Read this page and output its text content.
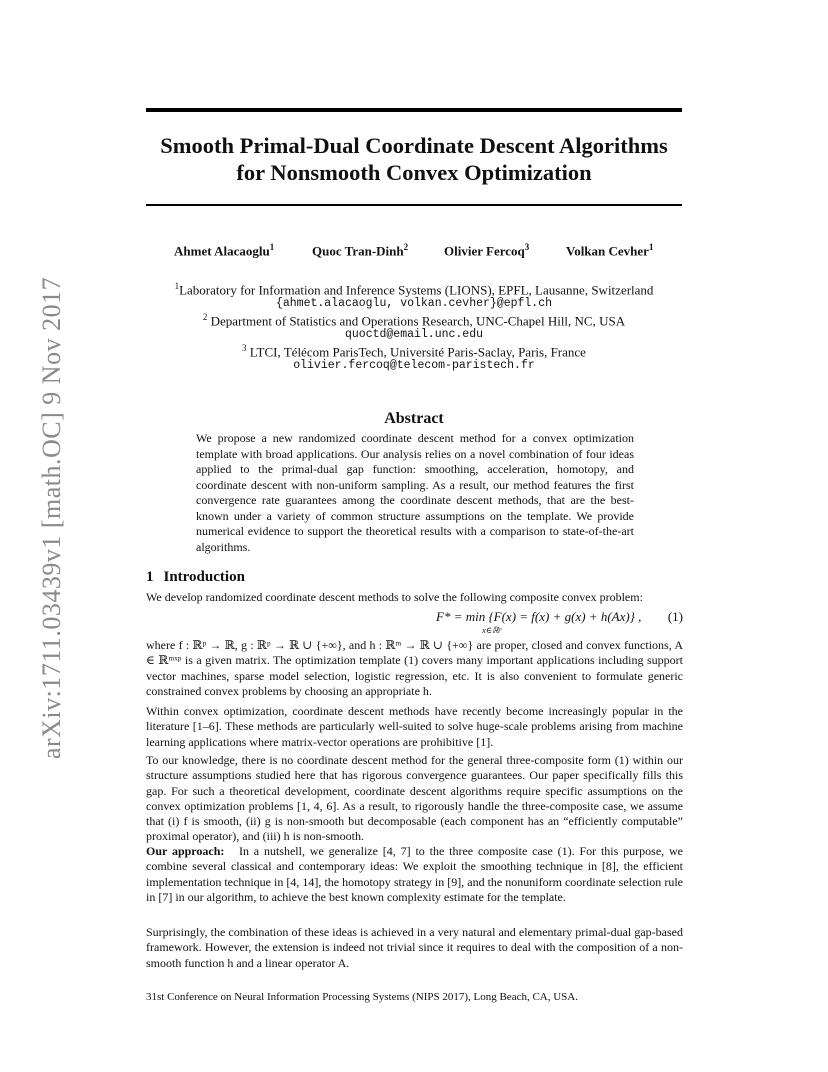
arXiv:1711.03439v1 [math.OC] 9 Nov 2017
Smooth Primal-Dual Coordinate Descent Algorithms
for Nonsmooth Convex Optimization
Ahmet Alacaoglu$^1$	Quoc Tran-Dinh$^2$	Olivier Fercoq$^3$	Volkan Cevher$^1$
$^1$Laboratory for Information and Inference Systems (LIONS), EPFL, Lausanne, Switzerland
{ahmet.alacaoglu, volkan.cevher}@epfl.ch
$^2$ Department of Statistics and Operations Research, UNC-Chapel Hill, NC, USA
quoctd@email.unc.edu
$^3$ LTCI, Télécom ParisTech, Université Paris-Saclay, Paris, France
olivier.fercoq@telecom-paristech.fr
Abstract
We propose a new randomized coordinate descent method for a convex optimization template with broad applications. Our analysis relies on a novel combination of four ideas applied to the primal-dual gap function: smoothing, acceleration, homotopy, and coordinate descent with non-uniform sampling. As a result, our method features the first convergence rate guarantees among the coordinate descent methods, that are the best-known under a variety of common structure assumptions on the template. We provide numerical evidence to support the theoretical results with a comparison to state-of-the-art algorithms.
1 Introduction
We develop randomized coordinate descent methods to solve the following composite convex problem:
F* = min {F(x) = f(x) + g(x) + h(Ax)} ,
x∈ℝᵖ
(1)
where f : ℝᵖ → ℝ, g : ℝᵖ → ℝ ∪ {+∞}, and h : ℝᵐ → ℝ ∪ {+∞} are proper, closed and convex functions, A ∈ ℝᵐˣᵖ is a given matrix. The optimization template (1) covers many important applications including support vector machines, sparse model selection, logistic regression, etc. It is also convenient to formulate generic constrained convex problems by choosing an appropriate h.
Within convex optimization, coordinate descent methods have recently become increasingly popular in the literature [1–6]. These methods are particularly well-suited to solve huge-scale problems arising from machine learning applications where matrix-vector operations are prohibitive [1].
To our knowledge, there is no coordinate descent method for the general three-composite form (1) within our structure assumptions studied here that has rigorous convergence guarantees. Our paper specifically fills this gap. For such a theoretical development, coordinate descent algorithms require specific assumptions on the convex optimization problems [1, 4, 6]. As a result, to rigorously handle the three-composite case, we assume that (i) f is smooth, (ii) g is non-smooth but decomposable (each component has an “efficiently computable” proximal operator), and (iii) h is non-smooth.
Our approach: In a nutshell, we generalize [4, 7] to the three composite case (1). For this purpose, we combine several classical and contemporary ideas: We exploit the smoothing technique in [8], the efficient implementation technique in [4, 14], the homotopy strategy in [9], and the nonuniform coordinate selection rule in [7] in our algorithm, to achieve the best known complexity estimate for the template.
Surprisingly, the combination of these ideas is achieved in a very natural and elementary primal-dual gap-based framework. However, the extension is indeed not trivial since it requires to deal with the composition of a non-smooth function h and a linear operator A.
31st Conference on Neural Information Processing Systems (NIPS 2017), Long Beach, CA, USA.
